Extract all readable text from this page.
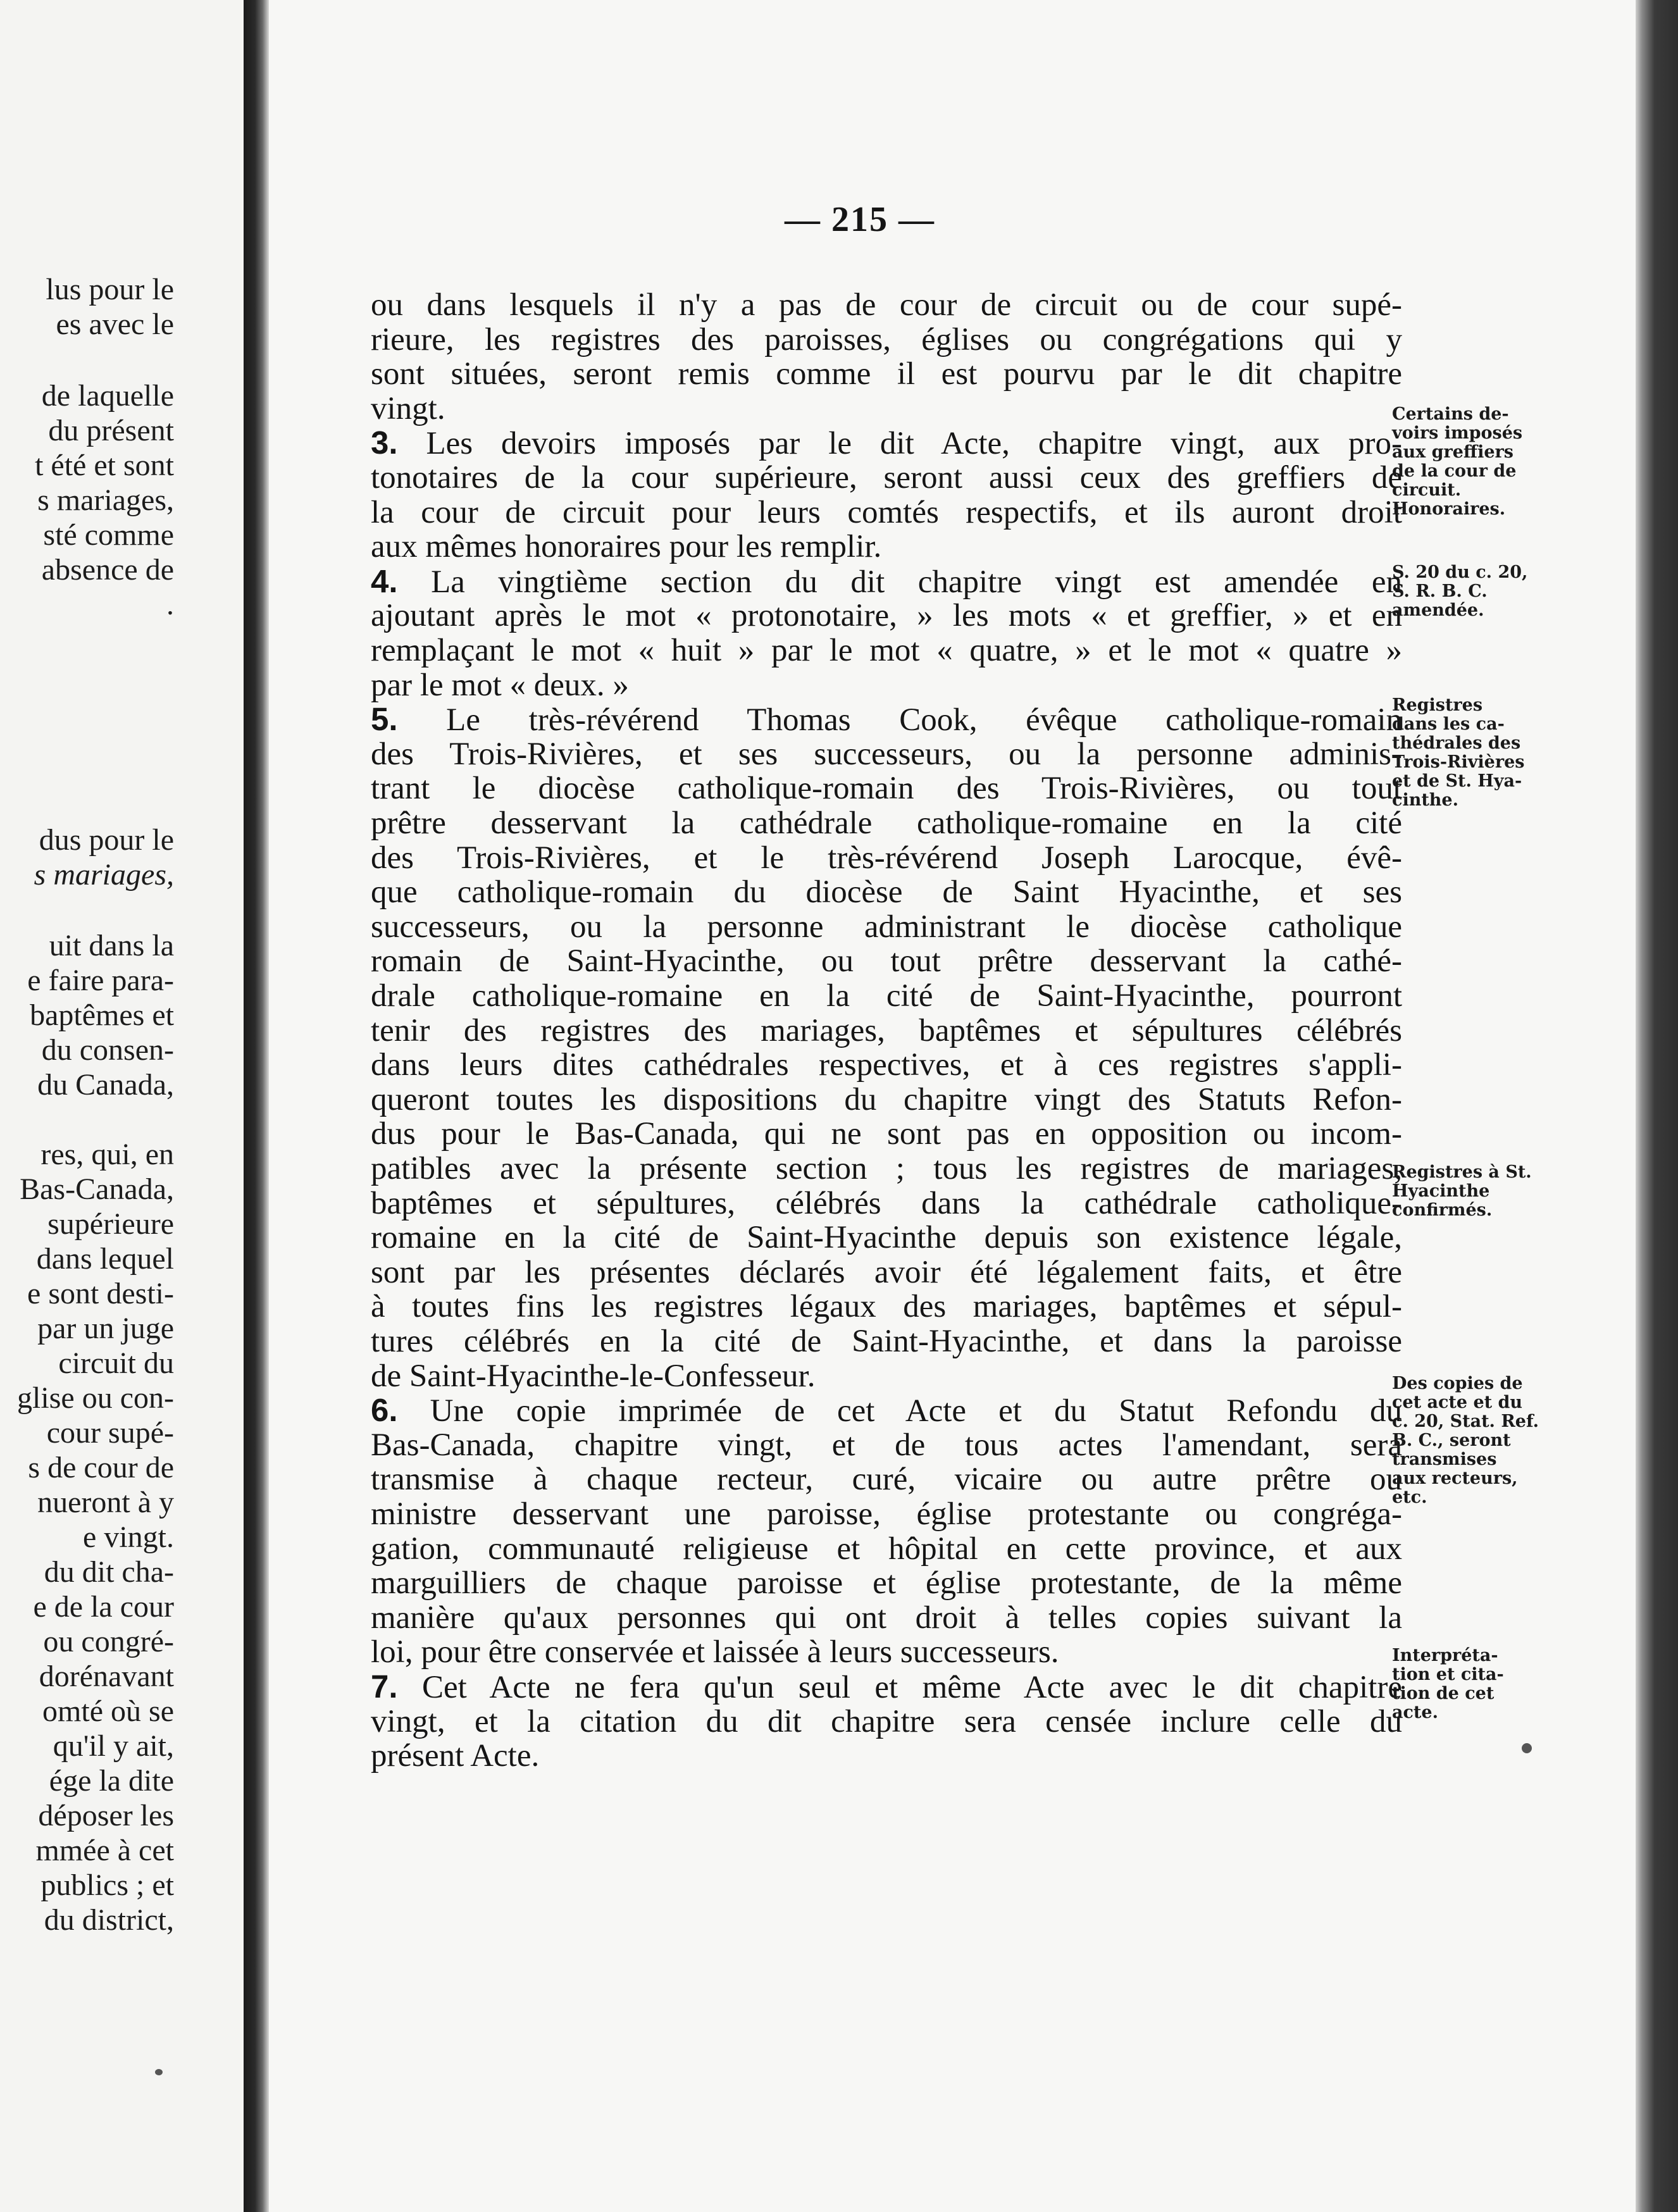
lus pour le
es avec le
de laquelle
du présent
t été et sont
s mariages,
sté comme
absence de
.
dus pour le
s mariages,
uit dans la
e faire para-
baptêmes et
du consen-
du Canada,
res, qui, en
Bas-Canada,
supérieure
dans lequel
e sont desti-
par un juge
circuit du
glise ou con-
cour supé-
s de cour de
nueront à y
e vingt.
du dit cha-
e de la cour
ou congré-
dorénavant
omté où se
qu'il y ait,
ége la dite
déposer les
mmée à cet
publics ; et
du district,
— 215 —
ou dans lesquels il n'y a pas de cour de circuit ou de cour supé-
rieure, les registres des paroisses, églises ou congrégations qui y
sont situées, seront remis comme il est pourvu par le dit chapitre
vingt.
3. Les devoirs imposés par le dit Acte, chapitre vingt, aux pro-
tonotaires de la cour supérieure, seront aussi ceux des greffiers de
la cour de circuit pour leurs comtés respectifs, et ils auront droit
aux mêmes honoraires pour les remplir.
4. La vingtième section du dit chapitre vingt est amendée en
ajoutant après le mot « protonotaire, » les mots « et greffier, » et en
remplaçant le mot « huit » par le mot « quatre, » et le mot « quatre »
par le mot « deux. »
5. Le très-révérend Thomas Cook, évêque catholique-romain
des Trois-Rivières, et ses successeurs, ou la personne adminis-
trant le diocèse catholique-romain des Trois-Rivières, ou tout
prêtre desservant la cathédrale catholique-romaine en la cité
des Trois-Rivières, et le très-révérend Joseph Larocque, évê-
que catholique-romain du diocèse de Saint Hyacinthe, et ses
successeurs, ou la personne administrant le diocèse catholique
romain de Saint-Hyacinthe, ou tout prêtre desservant la cathé-
drale catholique-romaine en la cité de Saint-Hyacinthe, pourront
tenir des registres des mariages, baptêmes et sépultures célébrés
dans leurs dites cathédrales respectives, et à ces registres s'appli-
queront toutes les dispositions du chapitre vingt des Statuts Refon-
dus pour le Bas-Canada, qui ne sont pas en opposition ou incom-
patibles avec la présente section ; tous les registres de mariages,
baptêmes et sépultures, célébrés dans la cathédrale catholique-
romaine en la cité de Saint-Hyacinthe depuis son existence légale,
sont par les présentes déclarés avoir été légalement faits, et être
à toutes fins les registres légaux des mariages, baptêmes et sépul-
tures célébrés en la cité de Saint-Hyacinthe, et dans la paroisse
de Saint-Hyacinthe-le-Confesseur.
6. Une copie imprimée de cet Acte et du Statut Refondu du
Bas-Canada, chapitre vingt, et de tous actes l'amendant, sera
transmise à chaque recteur, curé, vicaire ou autre prêtre ou
ministre desservant une paroisse, église protestante ou congréga-
gation, communauté religieuse et hôpital en cette province, et aux
marguilliers de chaque paroisse et église protestante, de la même
manière qu'aux personnes qui ont droit à telles copies suivant la
loi, pour être conservée et laissée à leurs successeurs.
7. Cet Acte ne fera qu'un seul et même Acte avec le dit chapitre
vingt, et la citation du dit chapitre sera censée inclure celle du
présent Acte.
Certains de-
voirs imposés
aux greffiers
de la cour de
circuit.
Honoraires.
S. 20 du c. 20,
S. R. B. C.
amendée.
Registres
dans les ca-
thédrales des
Trois-Rivières
et de St. Hya-
cinthe.
Registres à St.
Hyacinthe
confirmés.
Des copies de
cet acte et du
c. 20, Stat. Ref.
B. C., seront
transmises
aux recteurs,
etc.
Interpréta-
tion et cita-
tion de cet
acte.
